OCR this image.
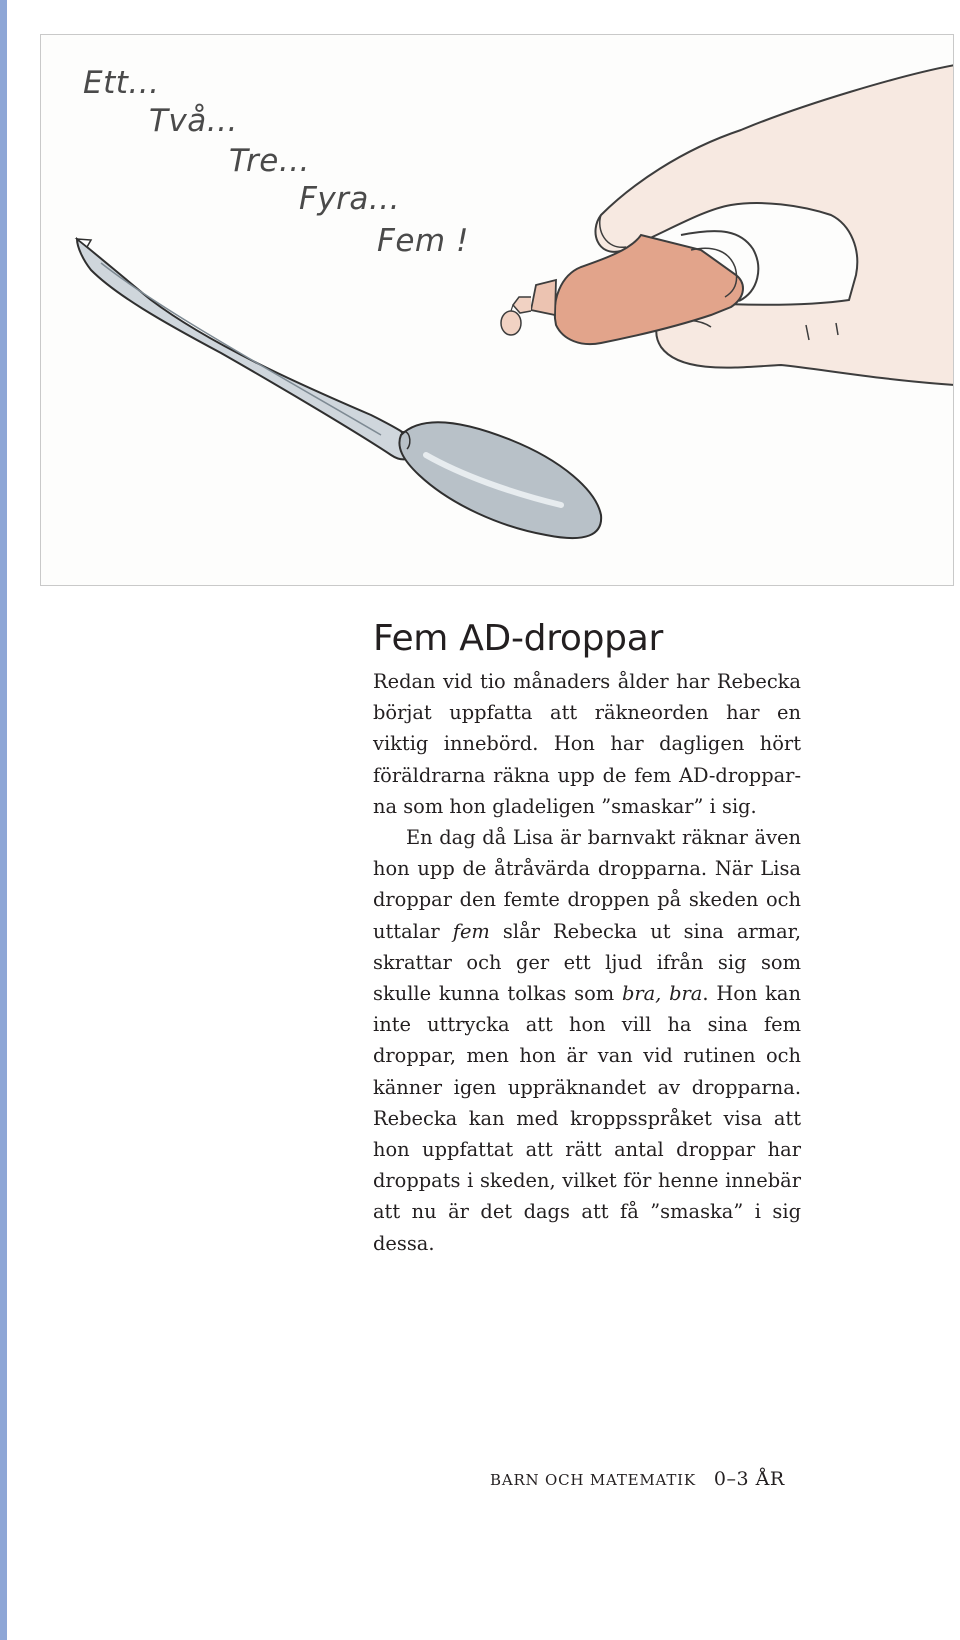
Ett...
Två...
Tre...
Fyra...
Fem !
Fem AD-droppar

Redan vid tio månaders ålder har Rebecka börjat uppfatta att räkneorden har en viktig innebörd. Hon har dagligen hört föräldrarna räkna upp de fem AD-dropparna som hon gladeligen ”smaskar” i sig.
En dag då Lisa är barnvakt räknar även hon upp de åtråvärda dropparna. När Lisa droppar den femte droppen på skeden och uttalar fem slår Rebecka ut sina armar, skrattar och ger ett ljud ifrån sig som skulle kunna tolkas som bra, bra. Hon kan inte uttrycka att hon vill ha sina fem droppar, men hon är van vid rutinen och känner igen uppräknandet av dropparna. Rebecka kan med kroppsspråket visa att hon uppfattat att rätt antal droppar har droppats i skeden, vilket för henne innebär att nu är det dags att få ”smaska” i sig dessa.

BARN OCH MATEMATIK 0–3 ÅR
